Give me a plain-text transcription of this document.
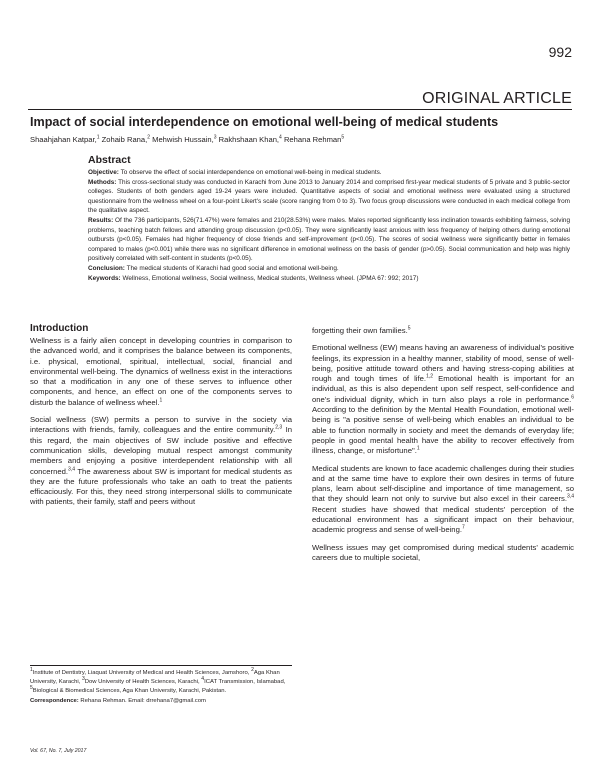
992
ORIGINAL ARTICLE
Impact of social interdependence on emotional well-being of medical students
Shaahjahan Katpar,$^1$ Zohaib Rana,$^2$ Mehwish Hussain,$^3$ Rakhshaan Khan,$^4$ Rehana Rehman$^5$
Abstract

Objective: To observe the effect of social interdependence on emotional well-being in medical students.

Methods: This cross-sectional study was conducted in Karachi from June 2013 to January 2014 and comprised first-year medical students of 5 private and 3 public-sector colleges. Students of both genders aged 19-24 years were included. Quantitative aspects of social and emotional wellness were evaluated using a structured questionnaire from the wellness wheel on a four-point Likert's scale (score ranging from 0 to 3). Two focus group discussions were conducted in each medical college from the qualitative aspect.

Results: Of the 736 participants, 526(71.47%) were females and 210(28.53%) were males. Males reported significantly less inclination towards exhibiting fairness, solving problems, teaching batch fellows and attending group discussion (p<0.05). They were significantly least anxious with less frequency of helping others during emotional outbursts (p<0.05). Females had higher frequency of close friends and self-improvement (p<0.05). The scores of social wellness were significantly better in females compared to males (p<0.001) while there was no significant difference in emotional wellness on the basis of gender (p>0.05). Social communication and help was highly positively correlated with self-content in students (p<0.05).

Conclusion: The medical students of Karachi had good social and emotional well-being.

Keywords: Wellness, Emotional wellness, Social wellness, Medical students, Wellness wheel. (JPMA 67: 992; 2017)

Introduction

Wellness is a fairly alien concept in developing countries in comparison to the advanced world, and it comprises the balance between its components, i.e. physical, emotional, spiritual, intellectual, social, financial and environmental well-being. The dynamics of wellness exist in the interactions so that a modification in any one of these serves to influence other components, and hence, an effect on one of the components serves to disturb the balance of wellness wheel.$^1$

Social wellness (SW) permits a person to survive in the society via interactions with friends, family, colleagues and the entire community.$^{2,3}$ In this regard, the main objectives of SW include positive and effective communication skills, developing mutual respect amongst community members and enjoying a positive interdependent relationship with all concerned.$^{3,4}$ The awareness about SW is important for medical students as they are the future professionals who take an oath to treat the patients efficaciously. For this, they need strong interpersonal skills to communicate with patients, their family, staff and peers without

forgetting their own families.$^5$

Emotional wellness (EW) means having an awareness of individual's positive feelings, its expression in a healthy manner, stability of mood, sense of well-being, positive attitude toward others and having stress-coping abilities at rough and tough times of life.$^{1,2}$ Emotional health is important for an individual, as this is also dependent upon self respect, self-confidence and one's individual dignity, which in turn also plays a role in performance.$^6$ According to the definition by the Mental Health Foundation, emotional well-being is "a positive sense of well-being which enables an individual to be able to function normally in society and meet the demands of everyday life; people in good mental health have the ability to recover effectively from illness, change, or misfortune".$^1$

Medical students are known to face academic challenges during their studies and at the same time have to explore their own desires in terms of future plans, learn about self-discipline and importance of time management, so that they should learn not only to survive but also excel in their careers.$^{3,4}$ Recent studies have showed that medical students' perception of the educational environment has a significant impact on their behaviour, academic progress and sense of well-being.$^7$

Wellness issues may get compromised during medical students' academic careers due to multiple societal,

$^1$Institute of Dentistry, Liaquat University of Medical and Health Sciences, Jamshoro, $^2$Aga Khan University, Karachi, $^3$Dow University of Health Sciences, Karachi, $^4$ICAT Transmission, Islamabad, $^5$Biological & Biomedical Sciences, Aga Khan University, Karachi, Pakistan.
Correspondence: Rehana Rehman. Email: drrehana7@gmail.com
Vol. 67, No. 7, July 2017
